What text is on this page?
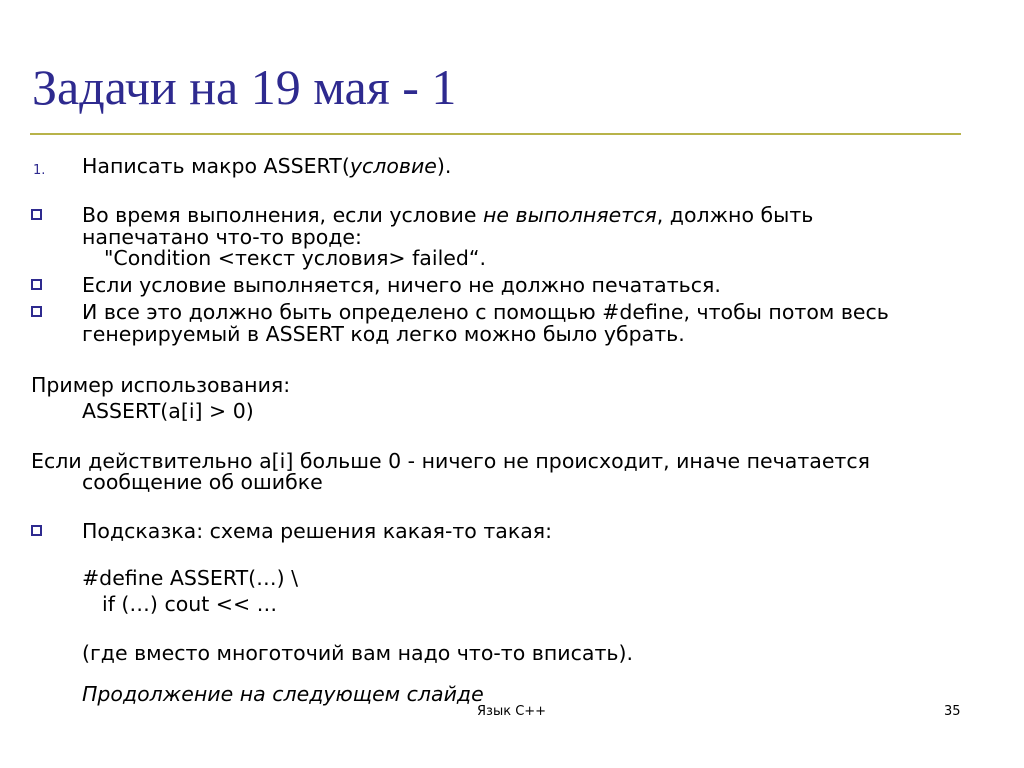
Задачи на 19 мая - 1
1. Написать макро ASSERT(условие).
Во время выполнения, если условие не выполняется, должно быть
напечатано что-то вроде:
"Condition <текст условия> failed“.
Если условие выполняется, ничего не должно печататься.
И все это должно быть определено с помощью #define, чтобы потом весь
генерируемый в ASSERT код легко можно было убрать.
Пример использования:
ASSERT(a[i] > 0)
Если действительно a[i] больше 0 - ничего не происходит, иначе печатается
сообщение об ошибке
Подсказка: схема решения какая-то такая:
#define ASSERT(…) \
if (…) cout << …
(где вместо многоточий вам надо что-то вписать).
Продолжение на следующем слайде
Язык C++	35
